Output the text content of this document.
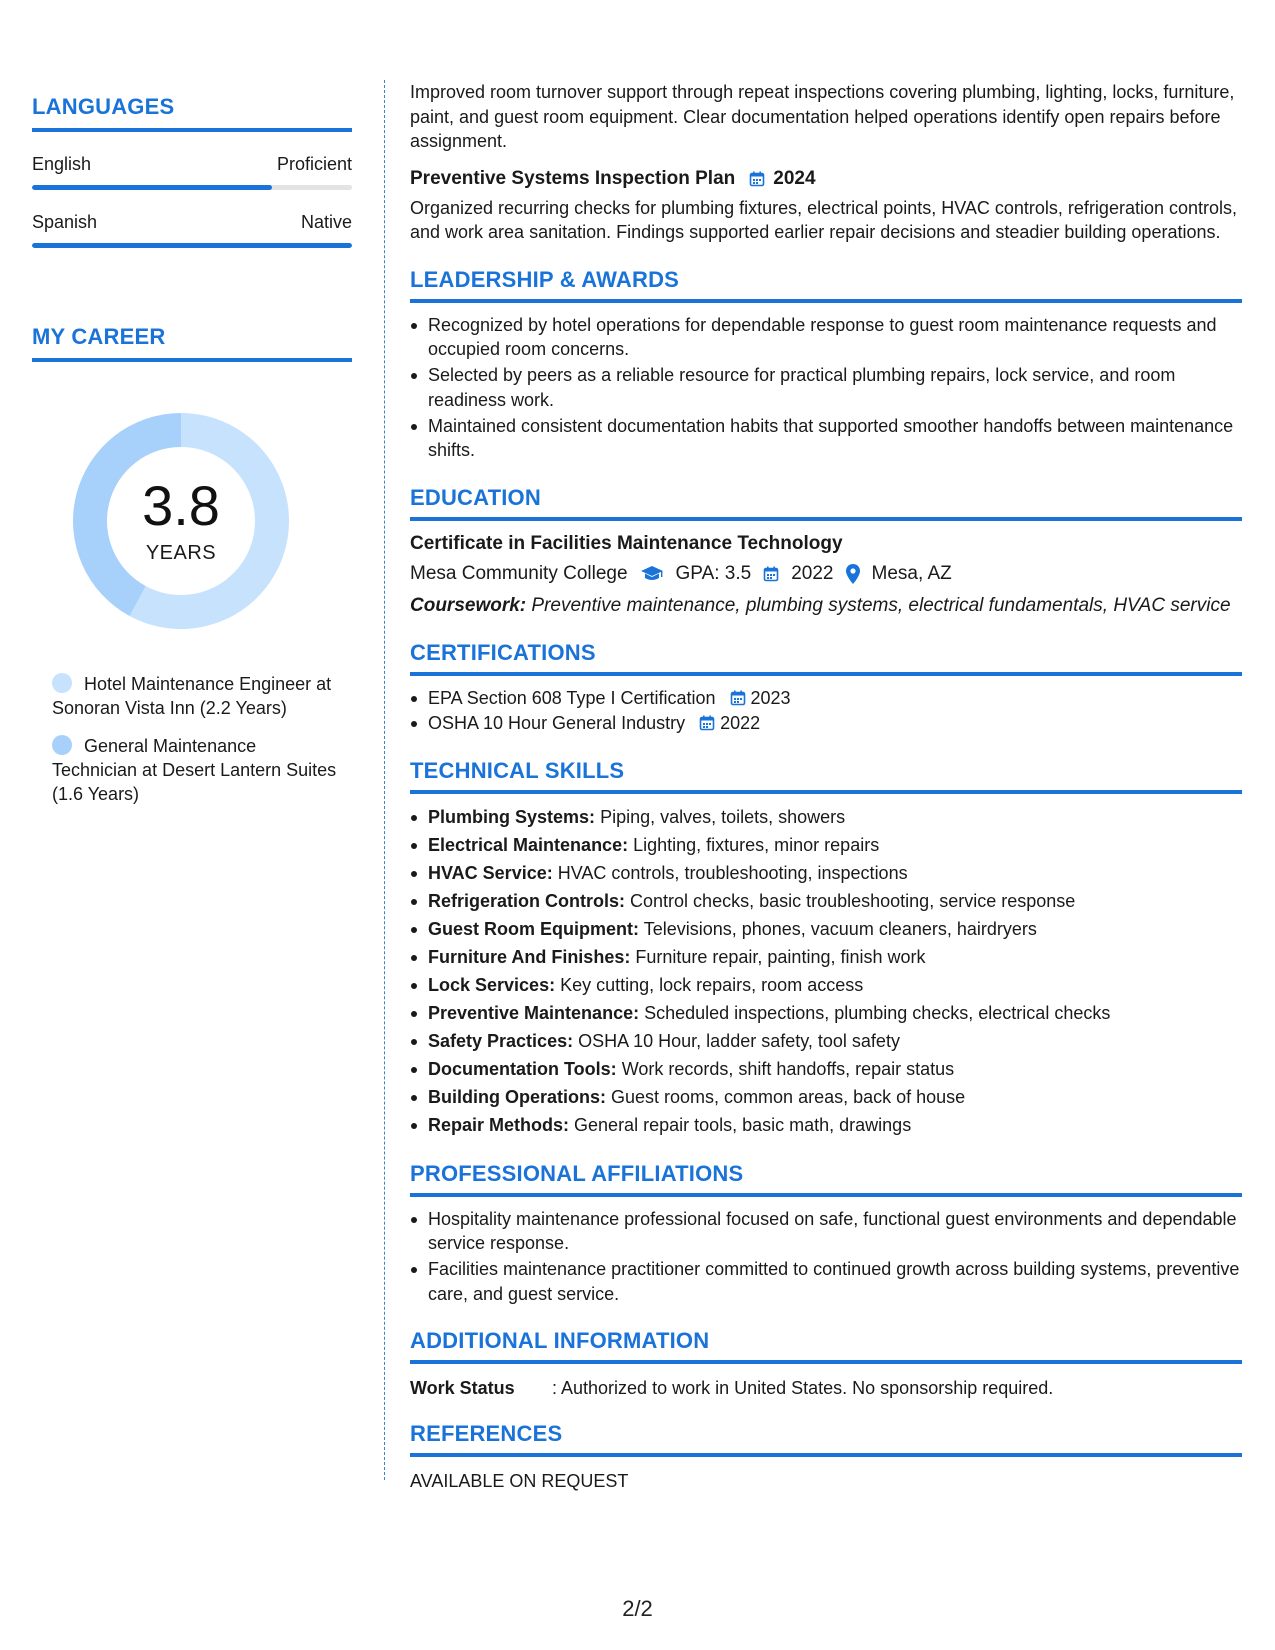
LANGUAGES
English	Proficient
Spanish	Native
MY CAREER
3.8
YEARS
Hotel Maintenance Engineer at Sonoran Vista Inn (2.2 Years)
General Maintenance Technician at Desert Lantern Suites (1.6 Years)

Improved room turnover support through repeat inspections covering plumbing, lighting, locks, furniture, paint, and guest room equipment. Clear documentation helped operations identify open repairs before assignment.

Preventive Systems Inspection Plan 2024

Organized recurring checks for plumbing fixtures, electrical points, HVAC controls, refrigeration controls, and work area sanitation. Findings supported earlier repair decisions and steadier building operations.

LEADERSHIP & AWARDS
Recognized by hotel operations for dependable response to guest room maintenance requests and occupied room concerns.
Selected by peers as a reliable resource for practical plumbing repairs, lock service, and room readiness work.
Maintained consistent documentation habits that supported smoother handoffs between maintenance shifts.
EDUCATION
Certificate in Facilities Maintenance Technology
Mesa Community College	GPA: 3.5 2022 Mesa, AZ
Coursework: Preventive maintenance, plumbing systems, electrical fundamentals, HVAC service
CERTIFICATIONS
EPA Section 608 Type I Certification 2023
OSHA 10 Hour General Industry 2022
TECHNICAL SKILLS
Plumbing Systems: Piping, valves, toilets, showers
Electrical Maintenance: Lighting, fixtures, minor repairs
HVAC Service: HVAC controls, troubleshooting, inspections
Refrigeration Controls: Control checks, basic troubleshooting, service response
Guest Room Equipment: Televisions, phones, vacuum cleaners, hairdryers
Furniture And Finishes: Furniture repair, painting, finish work
Lock Services: Key cutting, lock repairs, room access
Preventive Maintenance: Scheduled inspections, plumbing checks, electrical checks
Safety Practices: OSHA 10 Hour, ladder safety, tool safety
Documentation Tools: Work records, shift handoffs, repair status
Building Operations: Guest rooms, common areas, back of house
Repair Methods: General repair tools, basic math, drawings
PROFESSIONAL AFFILIATIONS
Hospitality maintenance professional focused on safe, functional guest environments and dependable service response.
Facilities maintenance practitioner committed to continued growth across building systems, preventive care, and guest service.
ADDITIONAL INFORMATION
Work Status	: Authorized to work in United States. No sponsorship required.
REFERENCES
AVAILABLE ON REQUEST
2/2
